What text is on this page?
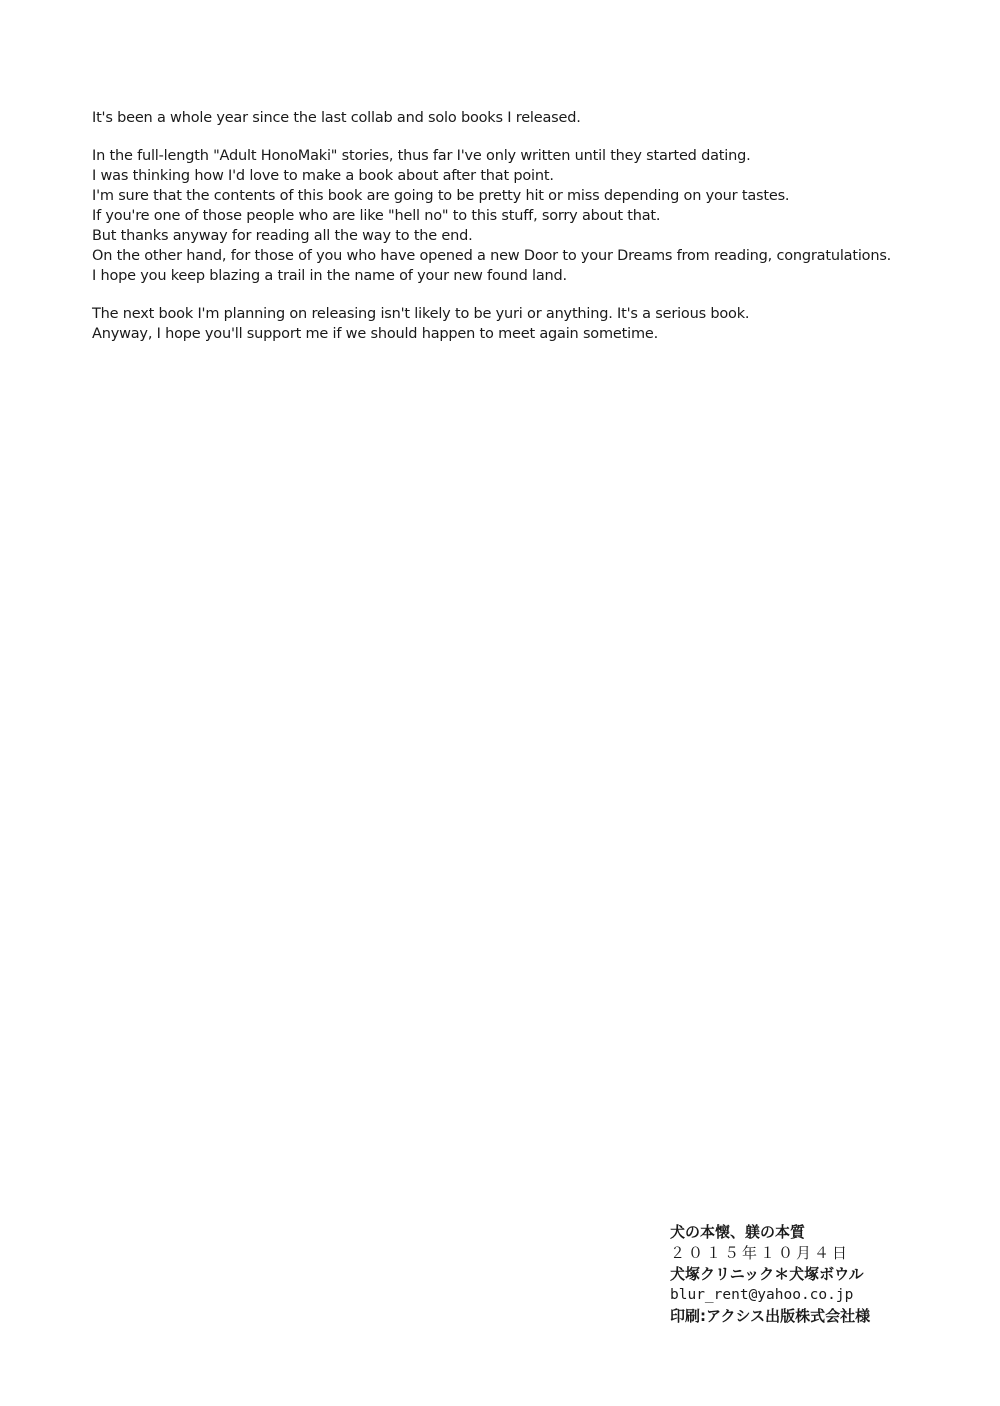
It's been a whole year since the last collab and solo books I released.

In the full-length "Adult HonoMaki" stories, thus far I've only written until they started dating.
I was thinking how I'd love to make a book about after that point.
I'm sure that the contents of this book are going to be pretty hit or miss depending on your tastes.
If you're one of those people who are like "hell no" to this stuff, sorry about that.
But thanks anyway for reading all the way to the end.
On the other hand, for those of you who have opened a new Door to your Dreams from reading, congratulations.
I hope you keep blazing a trail in the name of your new found land.

The next book I'm planning on releasing isn't likely to be yuri or anything. It's a serious book.
Anyway, I hope you'll support me if we should happen to meet again sometime.

犬の本懐、躾の本質
２０１５年１０月４日
犬塚クリニック＊犬塚ボウル
blur_rent@yahoo.co.jp
印刷:アクシス出版株式会社様
